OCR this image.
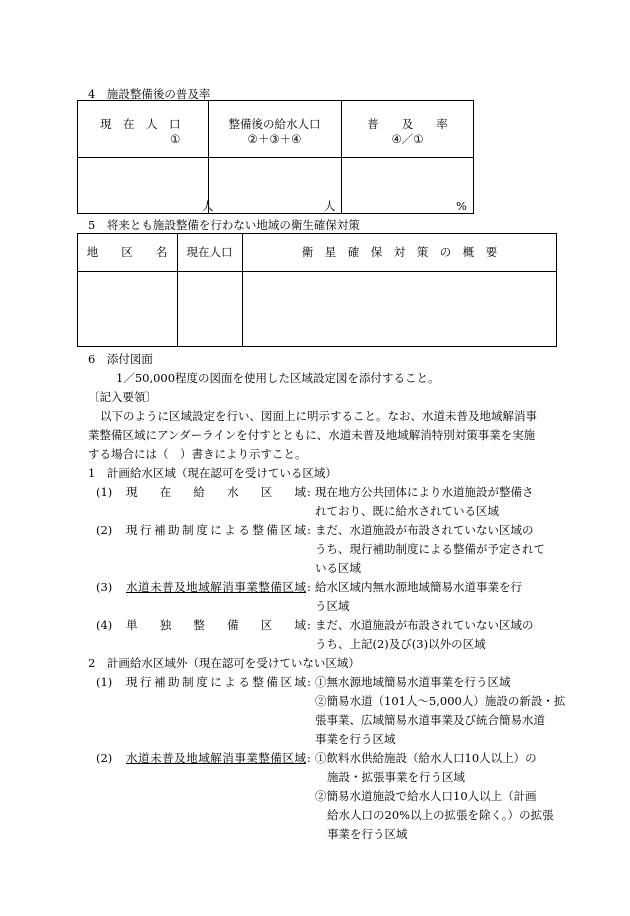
4　施設整備後の普及率
現　在　人　口
①
人
整備後の給水人口
②＋③＋④
人
普　　及　　率
④／①
%
5　将来とも施設整備を行わない地域の衛生確保対策
地　　区　　名	現在人口	衛　星　確　保　対　策　の　概　要
6　添付図面
1／50,000程度の図面を使用した区域設定図を添付すること。
〔記入要領〕
以下のように区域設定を行い、図面上に明示すること。なお、水道未普及地域解消事
業整備区域にアンダーラインを付すとともに、水道未普及地域解消特別対策事業を実施
する場合には（　）書きにより示すこと。
1　計画給水区域（現在認可を受けている区域）
(1) 現在給水区域 : 現在地方公共団体により水道施設が整備さ
れており、既に給水されている区域
(2) 現行補助制度による整備区域 : まだ、水道施設が布設されていない区域の
うち、現行補助制度による整備が予定されて
いる区域
(3) 水道未普及地域解消事業整備区域 : 給水区域内無水源地域簡易水道事業を行
う区域
(4) 単独整備区域 : まだ、水道施設が布設されていない区域の
うち、上記(2)及び(3)以外の区域
2　計画給水区域外（現在認可を受けていない区域）
(1) 現行補助制度による整備区域 : ①無水源地域簡易水道事業を行う区域
②簡易水道（101人～5,000人）施設の新設・拡
張事業、広域簡易水道事業及び統合簡易水道
事業を行う区域
(2) 水道未普及地域解消事業整備区域 : ①飲料水供給施設（給水人口10人以上）の
施設・拡張事業を行う区域
②簡易水道施設で給水人口10人以上（計画
給水人口の20%以上の拡張を除く。）の拡張
事業を行う区域
